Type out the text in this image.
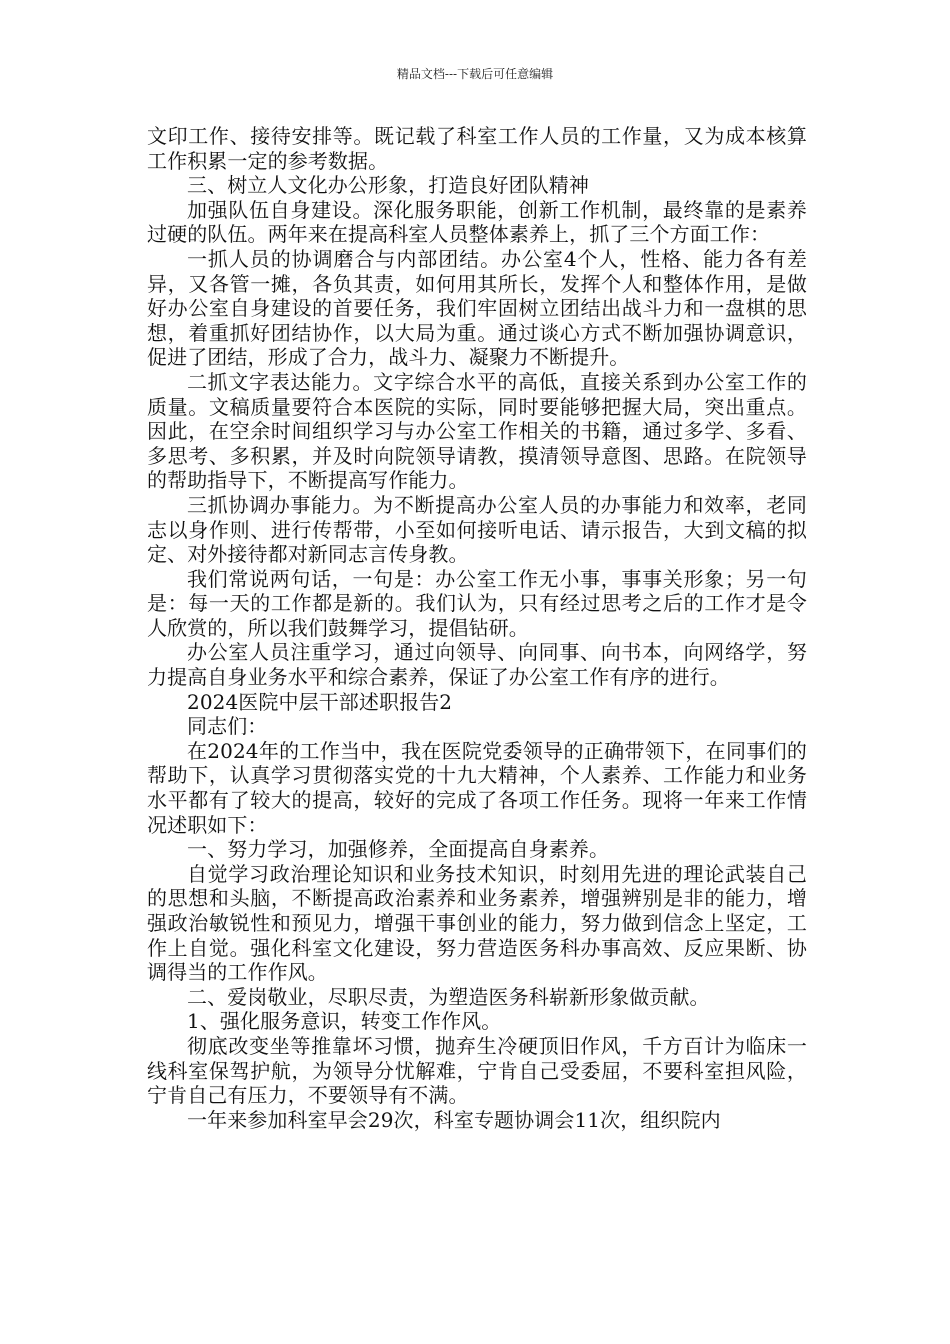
精品文档---下载后可任意编辑

文印工作、接待安排等。既记载了科室工作人员的工作量，又为成本核算工作积累一定的参考数据。

三、树立人文化办公形象，打造良好团队精神

加强队伍自身建设。深化服务职能，创新工作机制，最终靠的是素养过硬的队伍。两年来在提高科室人员整体素养上，抓了三个方面工作：

一抓人员的协调磨合与内部团结。办公室4个人，性格、能力各有差异，又各管一摊，各负其责，如何用其所长，发挥个人和整体作用，是做好办公室自身建设的首要任务，我们牢固树立团结出战斗力和一盘棋的思想，着重抓好团结协作，以大局为重。通过谈心方式不断加强协调意识，促进了团结，形成了合力，战斗力、凝聚力不断提升。

二抓文字表达能力。文字综合水平的高低，直接关系到办公室工作的质量。文稿质量要符合本医院的实际，同时要能够把握大局，突出重点。因此，在空余时间组织学习与办公室工作相关的书籍，通过多学、多看、多思考、多积累，并及时向院领导请教，摸清领导意图、思路。在院领导的帮助指导下，不断提高写作能力。

三抓协调办事能力。为不断提高办公室人员的办事能力和效率，老同志以身作则、进行传帮带，小至如何接听电话、请示报告，大到文稿的拟定、对外接待都对新同志言传身教。

我们常说两句话，一句是：办公室工作无小事，事事关形象；另一句是：每一天的工作都是新的。我们认为，只有经过思考之后的工作才是令人欣赏的，所以我们鼓舞学习，提倡钻研。

办公室人员注重学习，通过向领导、向同事、向书本，向网络学，努力提高自身业务水平和综合素养，保证了办公室工作有序的进行。

2024医院中层干部述职报告2

同志们：

在2024年的工作当中，我在医院党委领导的正确带领下，在同事们的帮助下，认真学习贯彻落实党的十九大精神，个人素养、工作能力和业务水平都有了较大的提高，较好的完成了各项工作任务。现将一年来工作情况述职如下：

一、努力学习，加强修养，全面提高自身素养。

自觉学习政治理论知识和业务技术知识，时刻用先进的理论武装自己的思想和头脑，不断提高政治素养和业务素养，增强辨别是非的能力，增强政治敏锐性和预见力，增强干事创业的能力，努力做到信念上坚定，工作上自觉。强化科室文化建设，努力营造医务科办事高效、反应果断、协调得当的工作作风。

二、爱岗敬业，尽职尽责，为塑造医务科崭新形象做贡献。

1、强化服务意识，转变工作作风。

彻底改变坐等推靠坏习惯，抛弃生冷硬顶旧作风，千方百计为临床一线科室保驾护航，为领导分忧解难，宁肯自己受委屈，不要科室担风险，宁肯自己有压力，不要领导有不满。

一年来参加科室早会29次，科室专题协调会11次，组织院内
